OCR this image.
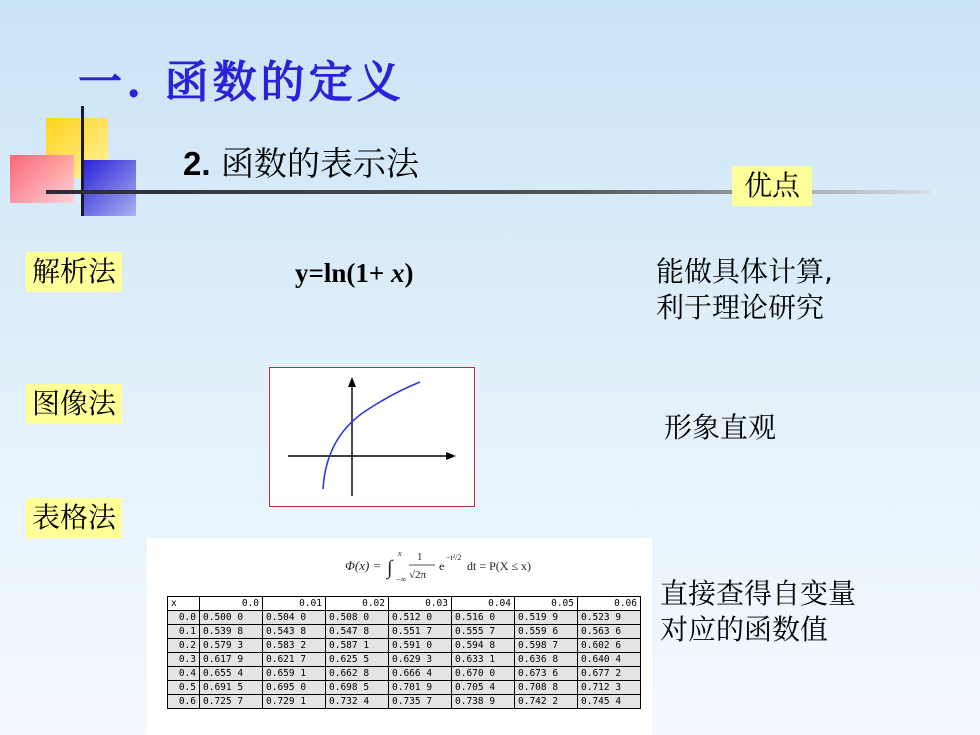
一. 函数的定义
2. 函数的表示法
优点
解析法
图像法
表格法
y=ln(1+ x)	能做具体计算,
利于理论研究
形象直观
直接查得自变量
对应的函数值
Φ(x) = ∫
x
−∞
1
√2π
e
−t²/2
dt = P(X ≤ x)
x	0.0	0.01	0.02	0.03	0.04	0.05	0.06
0.0	0.500 0	0.504 0	0.508 0	0.512 0	0.516 0	0.519 9	0.523 9
0.1	0.539 8	0.543 8	0.547 8	0.551 7	0.555 7	0.559 6	0.563 6
0.2	0.579 3	0.583 2	0.587 1	0.591 0	0.594 8	0.598 7	0.602 6
0.3	0.617 9	0.621 7	0.625 5	0.629 3	0.633 1	0.636 8	0.640 4
0.4	0.655 4	0.659 1	0.662 8	0.666 4	0.670 0	0.673 6	0.677 2
0.5	0.691 5	0.695 0	0.698 5	0.701 9	0.705 4	0.708 8	0.712 3
0.6	0.725 7	0.729 1	0.732 4	0.735 7	0.738 9	0.742 2	0.745 4
